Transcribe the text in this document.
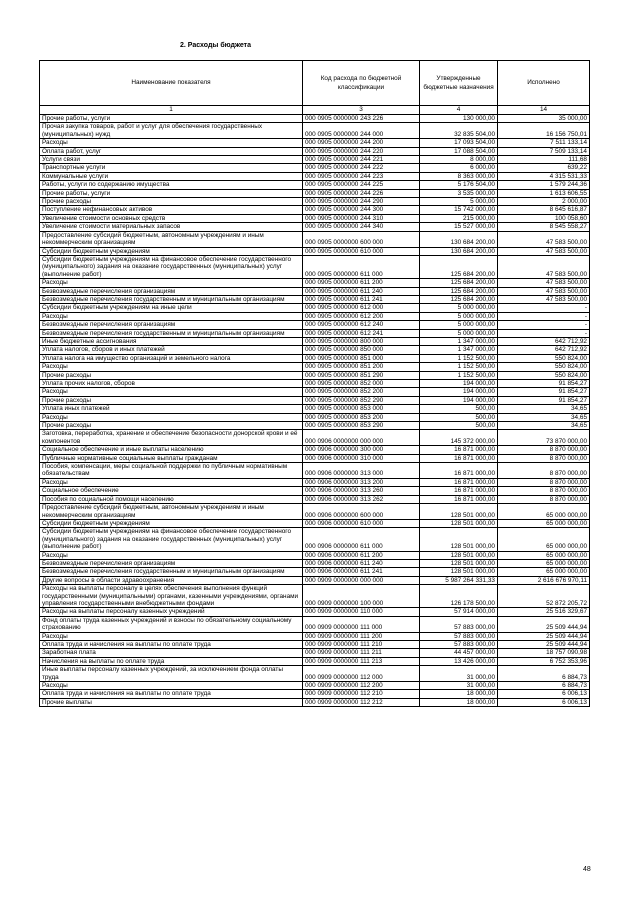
2. Расходы бюджета
Наименование показателя	Код расхода по бюджетной классификации	Утвержденные бюджетные назначения	Исполнено
1	3	4	14
Прочие работы, услуги	000 0905 0000000 243 226	130 000,00	35 000,00
Прочая закупка товаров, работ и услуг для обеспечения государственных (муниципальных) нужд	000 0905 0000000 244 000	32 835 504,00	16 156 750,01
Расходы	000 0905 0000000 244 200	17 093 504,00	7 511 133,14
Оплата работ, услуг	000 0905 0000000 244 220	17 088 504,00	7 509 133,14
Услуги связи	000 0905 0000000 244 221	8 000,00	111,68
Транспортные услуги	000 0905 0000000 244 222	6 000,00	639,22
Коммунальные услуги	000 0905 0000000 244 223	8 363 000,00	4 315 531,33
Работы, услуги по содержанию имущества	000 0905 0000000 244 225	5 176 504,00	1 579 244,36
Прочие работы, услуги	000 0905 0000000 244 226	3 535 000,00	1 613 606,55
Прочие расходы	000 0905 0000000 244 290	5 000,00	2 000,00
Поступление нефинансовых активов	000 0905 0000000 244 300	15 742 000,00	8 645 616,87
Увеличение стоимости основных средств	000 0905 0000000 244 310	215 000,00	100 058,60
Увеличение стоимости материальных запасов	000 0905 0000000 244 340	15 527 000,00	8 545 558,27
Предоставление субсидий бюджетным, автономным учреждениям и иным некоммерческим организациям	000 0905 0000000 600 000	130 684 200,00	47 583 500,00
Субсидии бюджетным учреждениям	000 0905 0000000 610 000	130 684 200,00	47 583 500,00
Субсидии бюджетным учреждениям на финансовое обеспечение государственного (муниципального) задания на оказание государственных (муниципальных) услуг (выполнение работ)	000 0905 0000000 611 000	125 684 200,00	47 583 500,00
Расходы	000 0905 0000000 611 200	125 684 200,00	47 583 500,00
Безвозмездные перечисления организациям	000 0905 0000000 611 240	125 684 200,00	47 583 500,00
Безвозмездные перечисления государственным и муниципальным организациям	000 0905 0000000 611 241	125 684 200,00	47 583 500,00
Субсидии бюджетным учреждениям на иные цели	000 0905 0000000 612 000	5 000 000,00	-
Расходы	000 0905 0000000 612 200	5 000 000,00	-
Безвозмездные перечисления организациям	000 0905 0000000 612 240	5 000 000,00	-
Безвозмездные перечисления государственным и муниципальным организациям	000 0905 0000000 612 241	5 000 000,00	-
Иные бюджетные ассигнования	000 0905 0000000 800 000	1 347 000,00	642 712,92
Уплата налогов, сборов и иных платежей	000 0905 0000000 850 000	1 347 000,00	642 712,92
Уплата налога на имущество организаций и земельного налога	000 0905 0000000 851 000	1 152 500,00	550 824,00
Расходы	000 0905 0000000 851 200	1 152 500,00	550 824,00
Прочие расходы	000 0905 0000000 851 290	1 152 500,00	550 824,00
Уплата прочих налогов, сборов	000 0905 0000000 852 000	194 000,00	91 854,27
Расходы	000 0905 0000000 852 200	194 000,00	91 854,27
Прочие расходы	000 0905 0000000 852 290	194 000,00	91 854,27
Уплата иных платежей	000 0905 0000000 853 000	500,00	34,65
Расходы	000 0905 0000000 853 200	500,00	34,65
Прочие расходы	000 0905 0000000 853 290	500,00	34,65
Заготовка, переработка, хранение и обеспечение безопасности донорской крови и её компонентов	000 0906 0000000 000 000	145 372 000,00	73 870 000,00
Социальное обеспечение и иные выплаты населению	000 0906 0000000 300 000	16 871 000,00	8 870 000,00
Публичные нормативные социальные выплаты гражданам	000 0906 0000000 310 000	16 871 000,00	8 870 000,00
Пособия, компенсации, меры социальной поддержки по публичным нормативным обязательствам	000 0906 0000000 313 000	16 871 000,00	8 870 000,00
Расходы	000 0906 0000000 313 200	16 871 000,00	8 870 000,00
Социальное обеспечение	000 0906 0000000 313 260	16 871 000,00	8 870 000,00
Пособия по социальной помощи населению	000 0906 0000000 313 262	16 871 000,00	8 870 000,00
Предоставление субсидий бюджетным, автономным учреждениям и иным некоммерческим организациям	000 0906 0000000 600 000	128 501 000,00	65 000 000,00
Субсидии бюджетным учреждениям	000 0906 0000000 610 000	128 501 000,00	65 000 000,00
Субсидии бюджетным учреждениям на финансовое обеспечение государственного (муниципального) задания на оказание государственных (муниципальных) услуг (выполнение работ)	000 0906 0000000 611 000	128 501 000,00	65 000 000,00
Расходы	000 0906 0000000 611 200	128 501 000,00	65 000 000,00
Безвозмездные перечисления организациям	000 0906 0000000 611 240	128 501 000,00	65 000 000,00
Безвозмездные перечисления государственным и муниципальным организациям	000 0906 0000000 611 241	128 501 000,00	65 000 000,00
Другие вопросы в области здравоохранения	000 0909 0000000 000 000	5 987 264 331,33	2 616 676 970,11
Расходы на выплаты персоналу в целях обеспечения выполнения функций государственными (муниципальными) органами, казенными учреждениями, органами управления государственными внебюджетными фондами	000 0909 0000000 100 000	126 178 500,00	52 872 205,72
Расходы на выплаты персоналу казенных учреждений	000 0909 0000000 110 000	57 914 000,00	25 516 329,67
Фонд оплаты труда казенных учреждений и взносы по обязательному социальному страхованию	000 0909 0000000 111 000	57 883 000,00	25 509 444,94
Расходы	000 0909 0000000 111 200	57 883 000,00	25 509 444,94
Оплата труда и начисления на выплаты по оплате труда	000 0909 0000000 111 210	57 883 000,00	25 509 444,94
Заработная плата	000 0909 0000000 111 211	44 457 000,00	18 757 090,98
Начисления на выплаты по оплате труда	000 0909 0000000 111 213	13 426 000,00	6 752 353,96
Иные выплаты персоналу казенных учреждений, за исключением фонда оплаты труда	000 0909 0000000 112 000	31 000,00	6 884,73
Расходы	000 0909 0000000 112 200	31 000,00	6 884,73
Оплата труда и начисления на выплаты по оплате труда	000 0909 0000000 112 210	18 000,00	6 006,13
Прочие выплаты	000 0909 0000000 112 212	18 000,00	6 006,13
48
